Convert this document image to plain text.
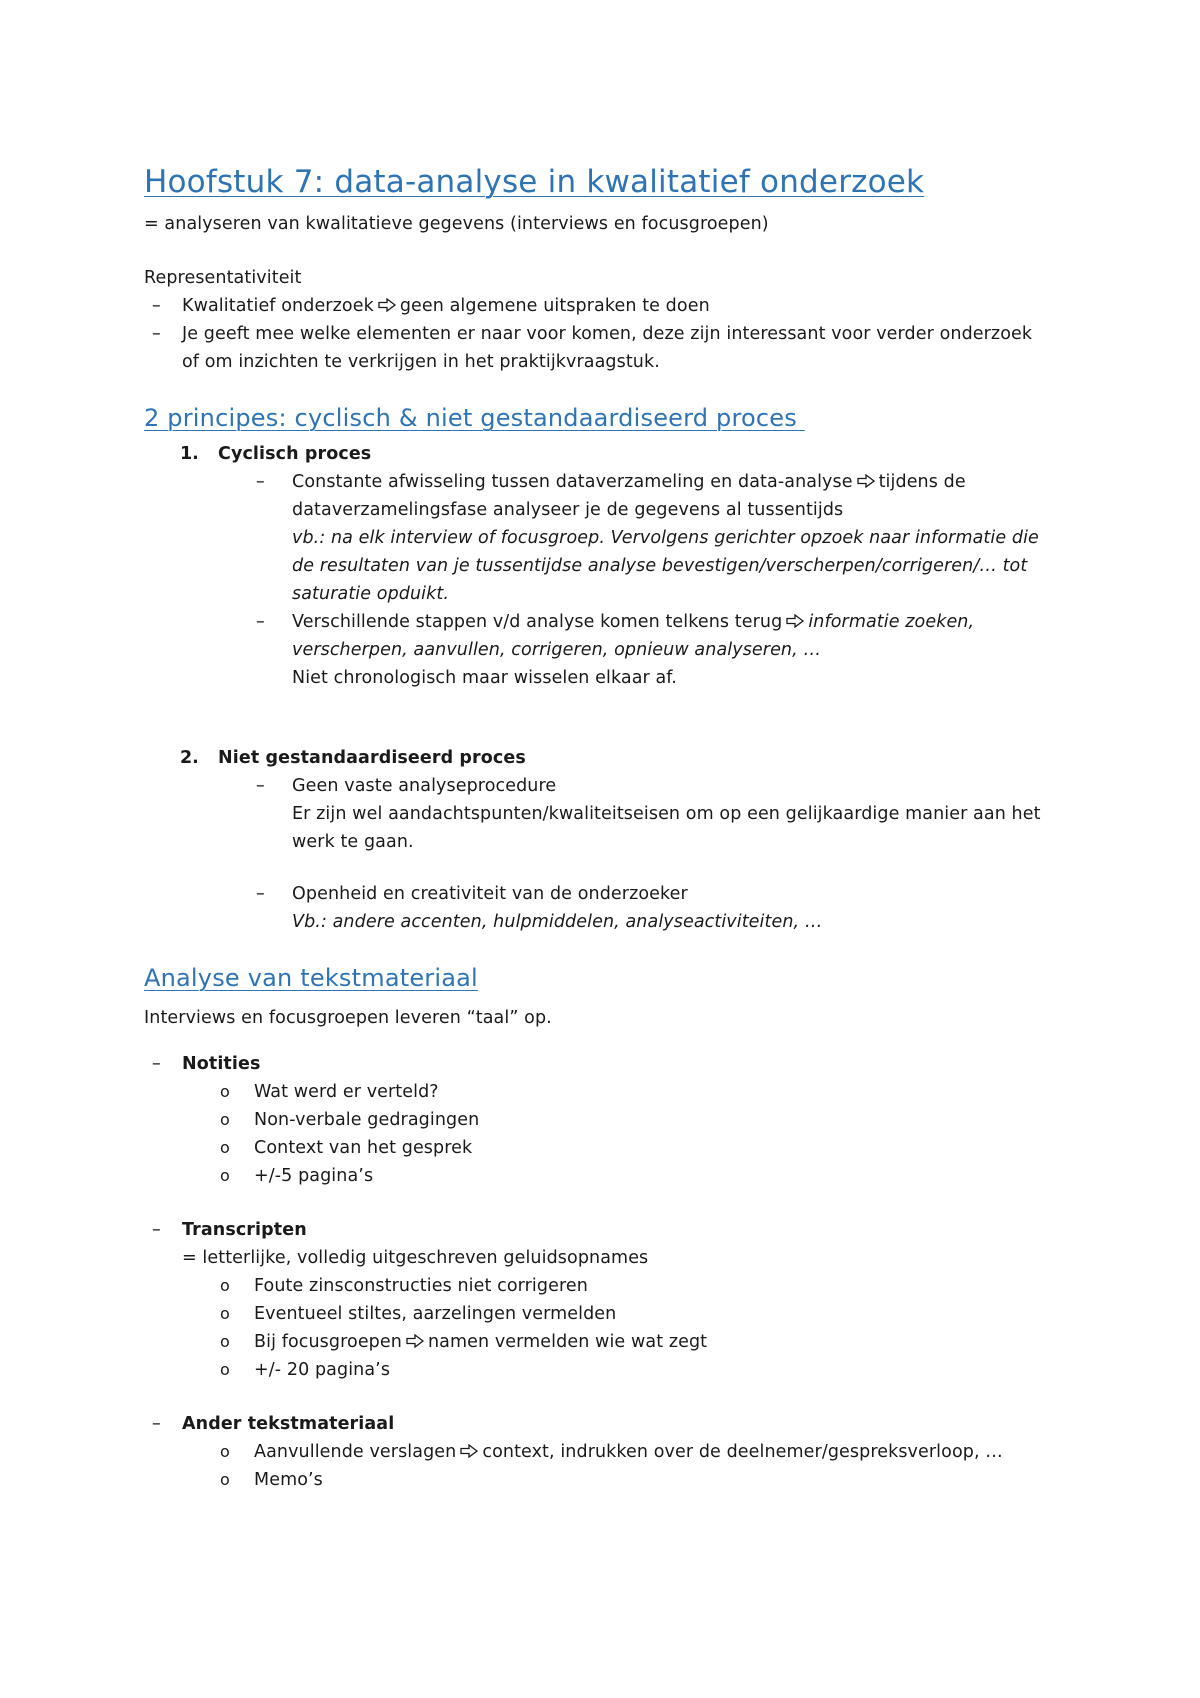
Hoofstuk 7: data-analyse in kwalitatief onderzoek
= analyseren van kwalitatieve gegevens (interviews en focusgroepen)
Representativiteit
– Kwalitatief onderzoek geen algemene uitspraken te doen
– Je geeft mee welke elementen er naar voor komen, deze zijn interessant voor verder onderzoek
of om inzichten te verkrijgen in het praktijkvraagstuk.
2 principes: cyclisch & niet gestandaardiseerd proces
1. Cyclisch proces
– Constante afwisseling tussen dataverzameling en data-analyse tijdens de
dataverzamelingsfase analyseer je de gegevens al tussentijds
vb.: na elk interview of focusgroep. Vervolgens gerichter opzoek naar informatie die
de resultaten van je tussentijdse analyse bevestigen/verscherpen/corrigeren/… tot
saturatie opduikt.
– Verschillende stappen v/d analyse komen telkens terug informatie zoeken,
verscherpen, aanvullen, corrigeren, opnieuw analyseren, …
Niet chronologisch maar wisselen elkaar af.
2. Niet gestandaardiseerd proces
– Geen vaste analyseprocedure
Er zijn wel aandachtspunten/kwaliteitseisen om op een gelijkaardige manier aan het
werk te gaan.
– Openheid en creativiteit van de onderzoeker
Vb.: andere accenten, hulpmiddelen, analyseactiviteiten, …
Analyse van tekstmateriaal
Interviews en focusgroepen leveren “taal” op.
– Notities
o Wat werd er verteld?
o Non-verbale gedragingen
o Context van het gesprek
o +/-5 pagina’s
– Transcripten
= letterlijke, volledig uitgeschreven geluidsopnames
o Foute zinsconstructies niet corrigeren
o Eventueel stiltes, aarzelingen vermelden
o Bij focusgroepen namen vermelden wie wat zegt
o +/- 20 pagina’s
– Ander tekstmateriaal
o Aanvullende verslagen context, indrukken over de deelnemer/gespreksverloop, …
o Memo’s
